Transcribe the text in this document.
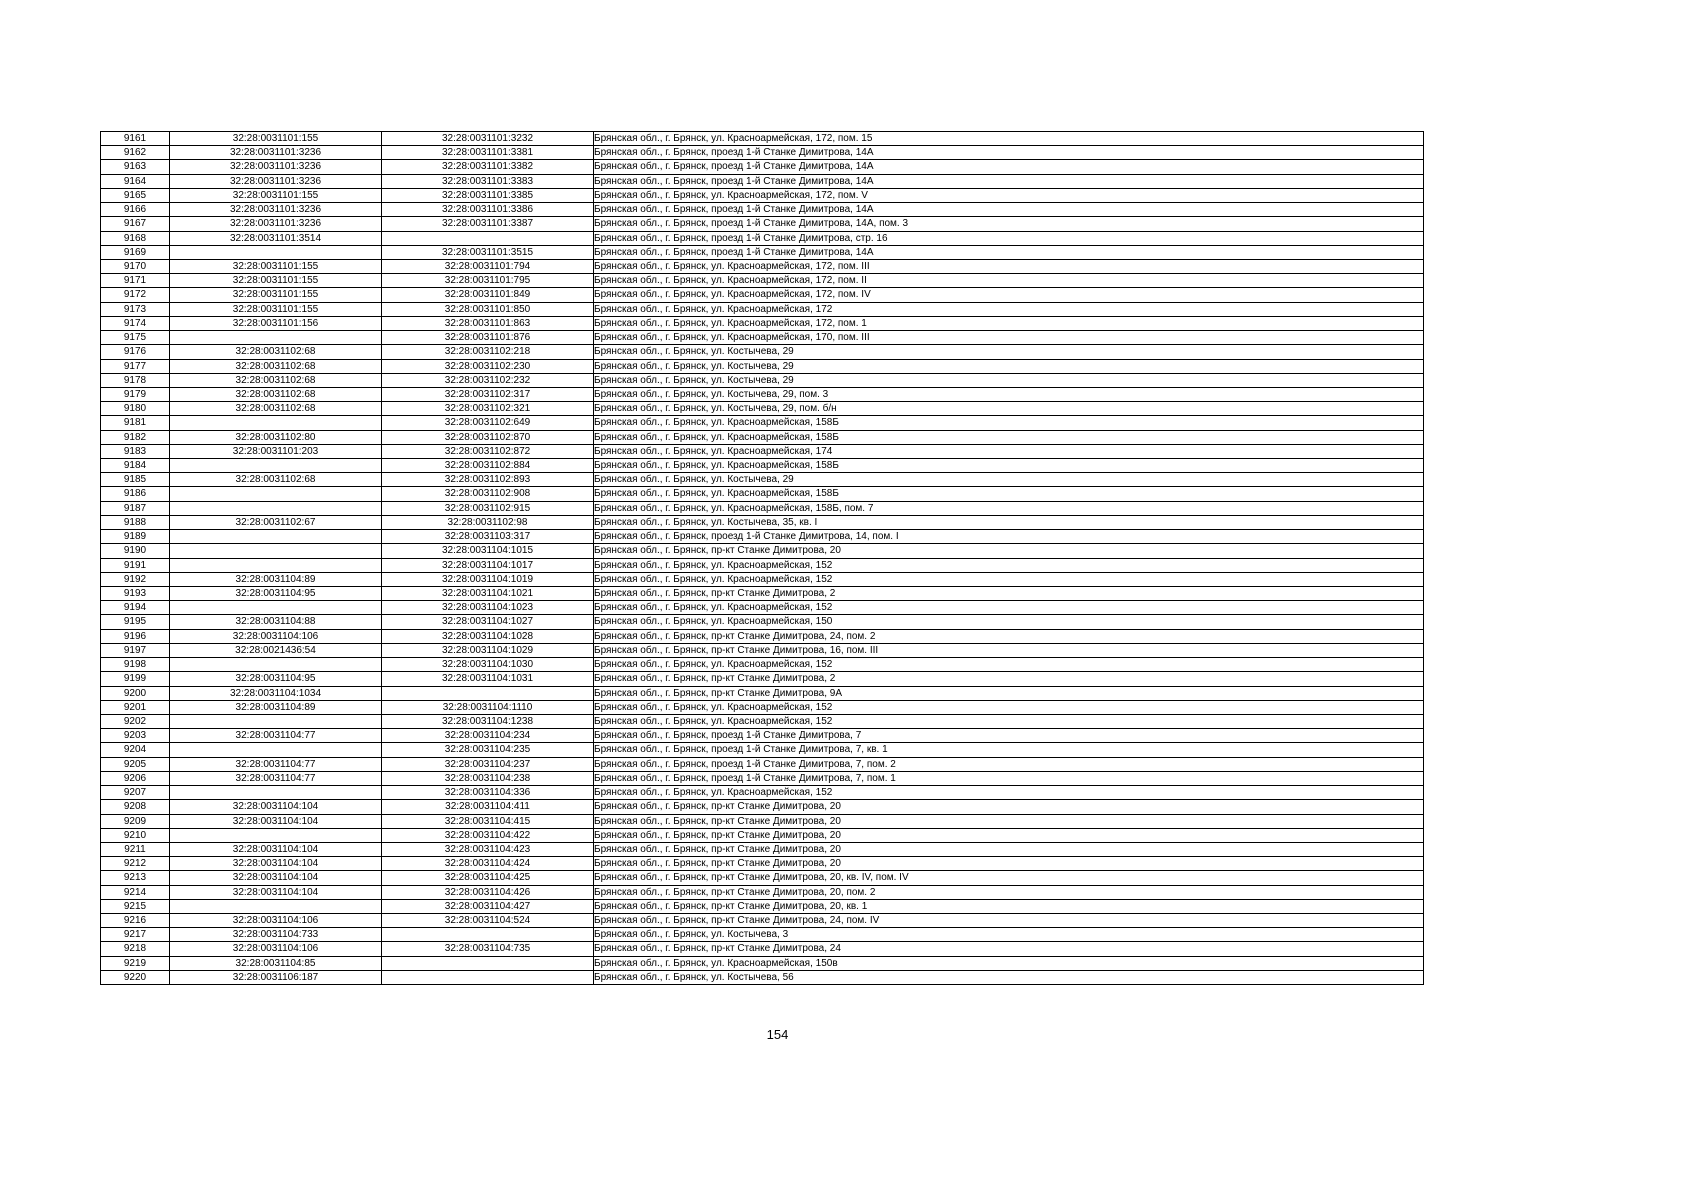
9161	32:28:0031101:155	32:28:0031101:3232	Брянская обл., г. Брянск, ул. Красноармейская, 172, пом. 15
9162	32:28:0031101:3236	32:28:0031101:3381	Брянская обл., г. Брянск, проезд 1-й Станке Димитрова, 14А
9163	32:28:0031101:3236	32:28:0031101:3382	Брянская обл., г. Брянск, проезд 1-й Станке Димитрова, 14А
9164	32:28:0031101:3236	32:28:0031101:3383	Брянская обл., г. Брянск, проезд 1-й Станке Димитрова, 14А
9165	32:28:0031101:155	32:28:0031101:3385	Брянская обл., г. Брянск, ул. Красноармейская, 172, пом. V
9166	32:28:0031101:3236	32:28:0031101:3386	Брянская обл., г. Брянск, проезд 1-й Станке Димитрова, 14А
9167	32:28:0031101:3236	32:28:0031101:3387	Брянская обл., г. Брянск, проезд 1-й Станке Димитрова, 14А, пом. 3
9168	32:28:0031101:3514		Брянская обл., г. Брянск, проезд 1-й Станке Димитрова, стр. 16
9169		32:28:0031101:3515	Брянская обл., г. Брянск, проезд 1-й Станке Димитрова, 14А
9170	32:28:0031101:155	32:28:0031101:794	Брянская обл., г. Брянск, ул. Красноармейская, 172, пом. III
9171	32:28:0031101:155	32:28:0031101:795	Брянская обл., г. Брянск, ул. Красноармейская, 172, пом. II
9172	32:28:0031101:155	32:28:0031101:849	Брянская обл., г. Брянск, ул. Красноармейская, 172, пом. IV
9173	32:28:0031101:155	32:28:0031101:850	Брянская обл., г. Брянск, ул. Красноармейская, 172
9174	32:28:0031101:156	32:28:0031101:863	Брянская обл., г. Брянск, ул. Красноармейская, 172, пом. 1
9175		32:28:0031101:876	Брянская обл., г. Брянск, ул. Красноармейская, 170, пом. III
9176	32:28:0031102:68	32:28:0031102:218	Брянская обл., г. Брянск, ул. Костычева, 29
9177	32:28:0031102:68	32:28:0031102:230	Брянская обл., г. Брянск, ул. Костычева, 29
9178	32:28:0031102:68	32:28:0031102:232	Брянская обл., г. Брянск, ул. Костычева, 29
9179	32:28:0031102:68	32:28:0031102:317	Брянская обл., г. Брянск, ул. Костычева, 29, пом. 3
9180	32:28:0031102:68	32:28:0031102:321	Брянская обл., г. Брянск, ул. Костычева, 29, пом. б/н
9181		32:28:0031102:649	Брянская обл., г. Брянск, ул. Красноармейская, 158Б
9182	32:28:0031102:80	32:28:0031102:870	Брянская обл., г. Брянск, ул. Красноармейская, 158Б
9183	32:28:0031101:203	32:28:0031102:872	Брянская обл., г. Брянск, ул. Красноармейская, 174
9184		32:28:0031102:884	Брянская обл., г. Брянск, ул. Красноармейская, 158Б
9185	32:28:0031102:68	32:28:0031102:893	Брянская обл., г. Брянск, ул. Костычева, 29
9186		32:28:0031102:908	Брянская обл., г. Брянск, ул. Красноармейская, 158Б
9187		32:28:0031102:915	Брянская обл., г. Брянск, ул. Красноармейская, 158Б, пом. 7
9188	32:28:0031102:67	32:28:0031102:98	Брянская обл., г. Брянск, ул. Костычева, 35, кв. I
9189		32:28:0031103:317	Брянская обл., г. Брянск, проезд 1-й Станке Димитрова, 14, пом. I
9190		32:28:0031104:1015	Брянская обл., г. Брянск, пр-кт Станке Димитрова, 20
9191		32:28:0031104:1017	Брянская обл., г. Брянск, ул. Красноармейская, 152
9192	32:28:0031104:89	32:28:0031104:1019	Брянская обл., г. Брянск, ул. Красноармейская, 152
9193	32:28:0031104:95	32:28:0031104:1021	Брянская обл., г. Брянск, пр-кт Станке Димитрова, 2
9194		32:28:0031104:1023	Брянская обл., г. Брянск, ул. Красноармейская, 152
9195	32:28:0031104:88	32:28:0031104:1027	Брянская обл., г. Брянск, ул. Красноармейская, 150
9196	32:28:0031104:106	32:28:0031104:1028	Брянская обл., г. Брянск, пр-кт Станке Димитрова, 24, пом. 2
9197	32:28:0021436:54	32:28:0031104:1029	Брянская обл., г. Брянск, пр-кт Станке Димитрова, 16, пом. III
9198		32:28:0031104:1030	Брянская обл., г. Брянск, ул. Красноармейская, 152
9199	32:28:0031104:95	32:28:0031104:1031	Брянская обл., г. Брянск, пр-кт Станке Димитрова, 2
9200	32:28:0031104:1034		Брянская обл., г. Брянск, пр-кт Станке Димитрова, 9А
9201	32:28:0031104:89	32:28:0031104:1110	Брянская обл., г. Брянск, ул. Красноармейская, 152
9202		32:28:0031104:1238	Брянская обл., г. Брянск, ул. Красноармейская, 152
9203	32:28:0031104:77	32:28:0031104:234	Брянская обл., г. Брянск, проезд 1-й Станке Димитрова, 7
9204		32:28:0031104:235	Брянская обл., г. Брянск, проезд 1-й Станке Димитрова, 7, кв. 1
9205	32:28:0031104:77	32:28:0031104:237	Брянская обл., г. Брянск, проезд 1-й Станке Димитрова, 7, пом. 2
9206	32:28:0031104:77	32:28:0031104:238	Брянская обл., г. Брянск, проезд 1-й Станке Димитрова, 7, пом. 1
9207		32:28:0031104:336	Брянская обл., г. Брянск, ул. Красноармейская, 152
9208	32:28:0031104:104	32:28:0031104:411	Брянская обл., г. Брянск, пр-кт Станке Димитрова, 20
9209	32:28:0031104:104	32:28:0031104:415	Брянская обл., г. Брянск, пр-кт Станке Димитрова, 20
9210		32:28:0031104:422	Брянская обл., г. Брянск, пр-кт Станке Димитрова, 20
9211	32:28:0031104:104	32:28:0031104:423	Брянская обл., г. Брянск, пр-кт Станке Димитрова, 20
9212	32:28:0031104:104	32:28:0031104:424	Брянская обл., г. Брянск, пр-кт Станке Димитрова, 20
9213	32:28:0031104:104	32:28:0031104:425	Брянская обл., г. Брянск, пр-кт Станке Димитрова, 20, кв. IV, пом. IV
9214	32:28:0031104:104	32:28:0031104:426	Брянская обл., г. Брянск, пр-кт Станке Димитрова, 20, пом. 2
9215		32:28:0031104:427	Брянская обл., г. Брянск, пр-кт Станке Димитрова, 20, кв. 1
9216	32:28:0031104:106	32:28:0031104:524	Брянская обл., г. Брянск, пр-кт Станке Димитрова, 24, пом. IV
9217	32:28:0031104:733		Брянская обл., г. Брянск, ул. Костычева, 3
9218	32:28:0031104:106	32:28:0031104:735	Брянская обл., г. Брянск, пр-кт Станке Димитрова, 24
9219	32:28:0031104:85		Брянская обл., г. Брянск, ул. Красноармейская, 150в
9220	32:28:0031106:187		Брянская обл., г. Брянск, ул. Костычева, 56
154
